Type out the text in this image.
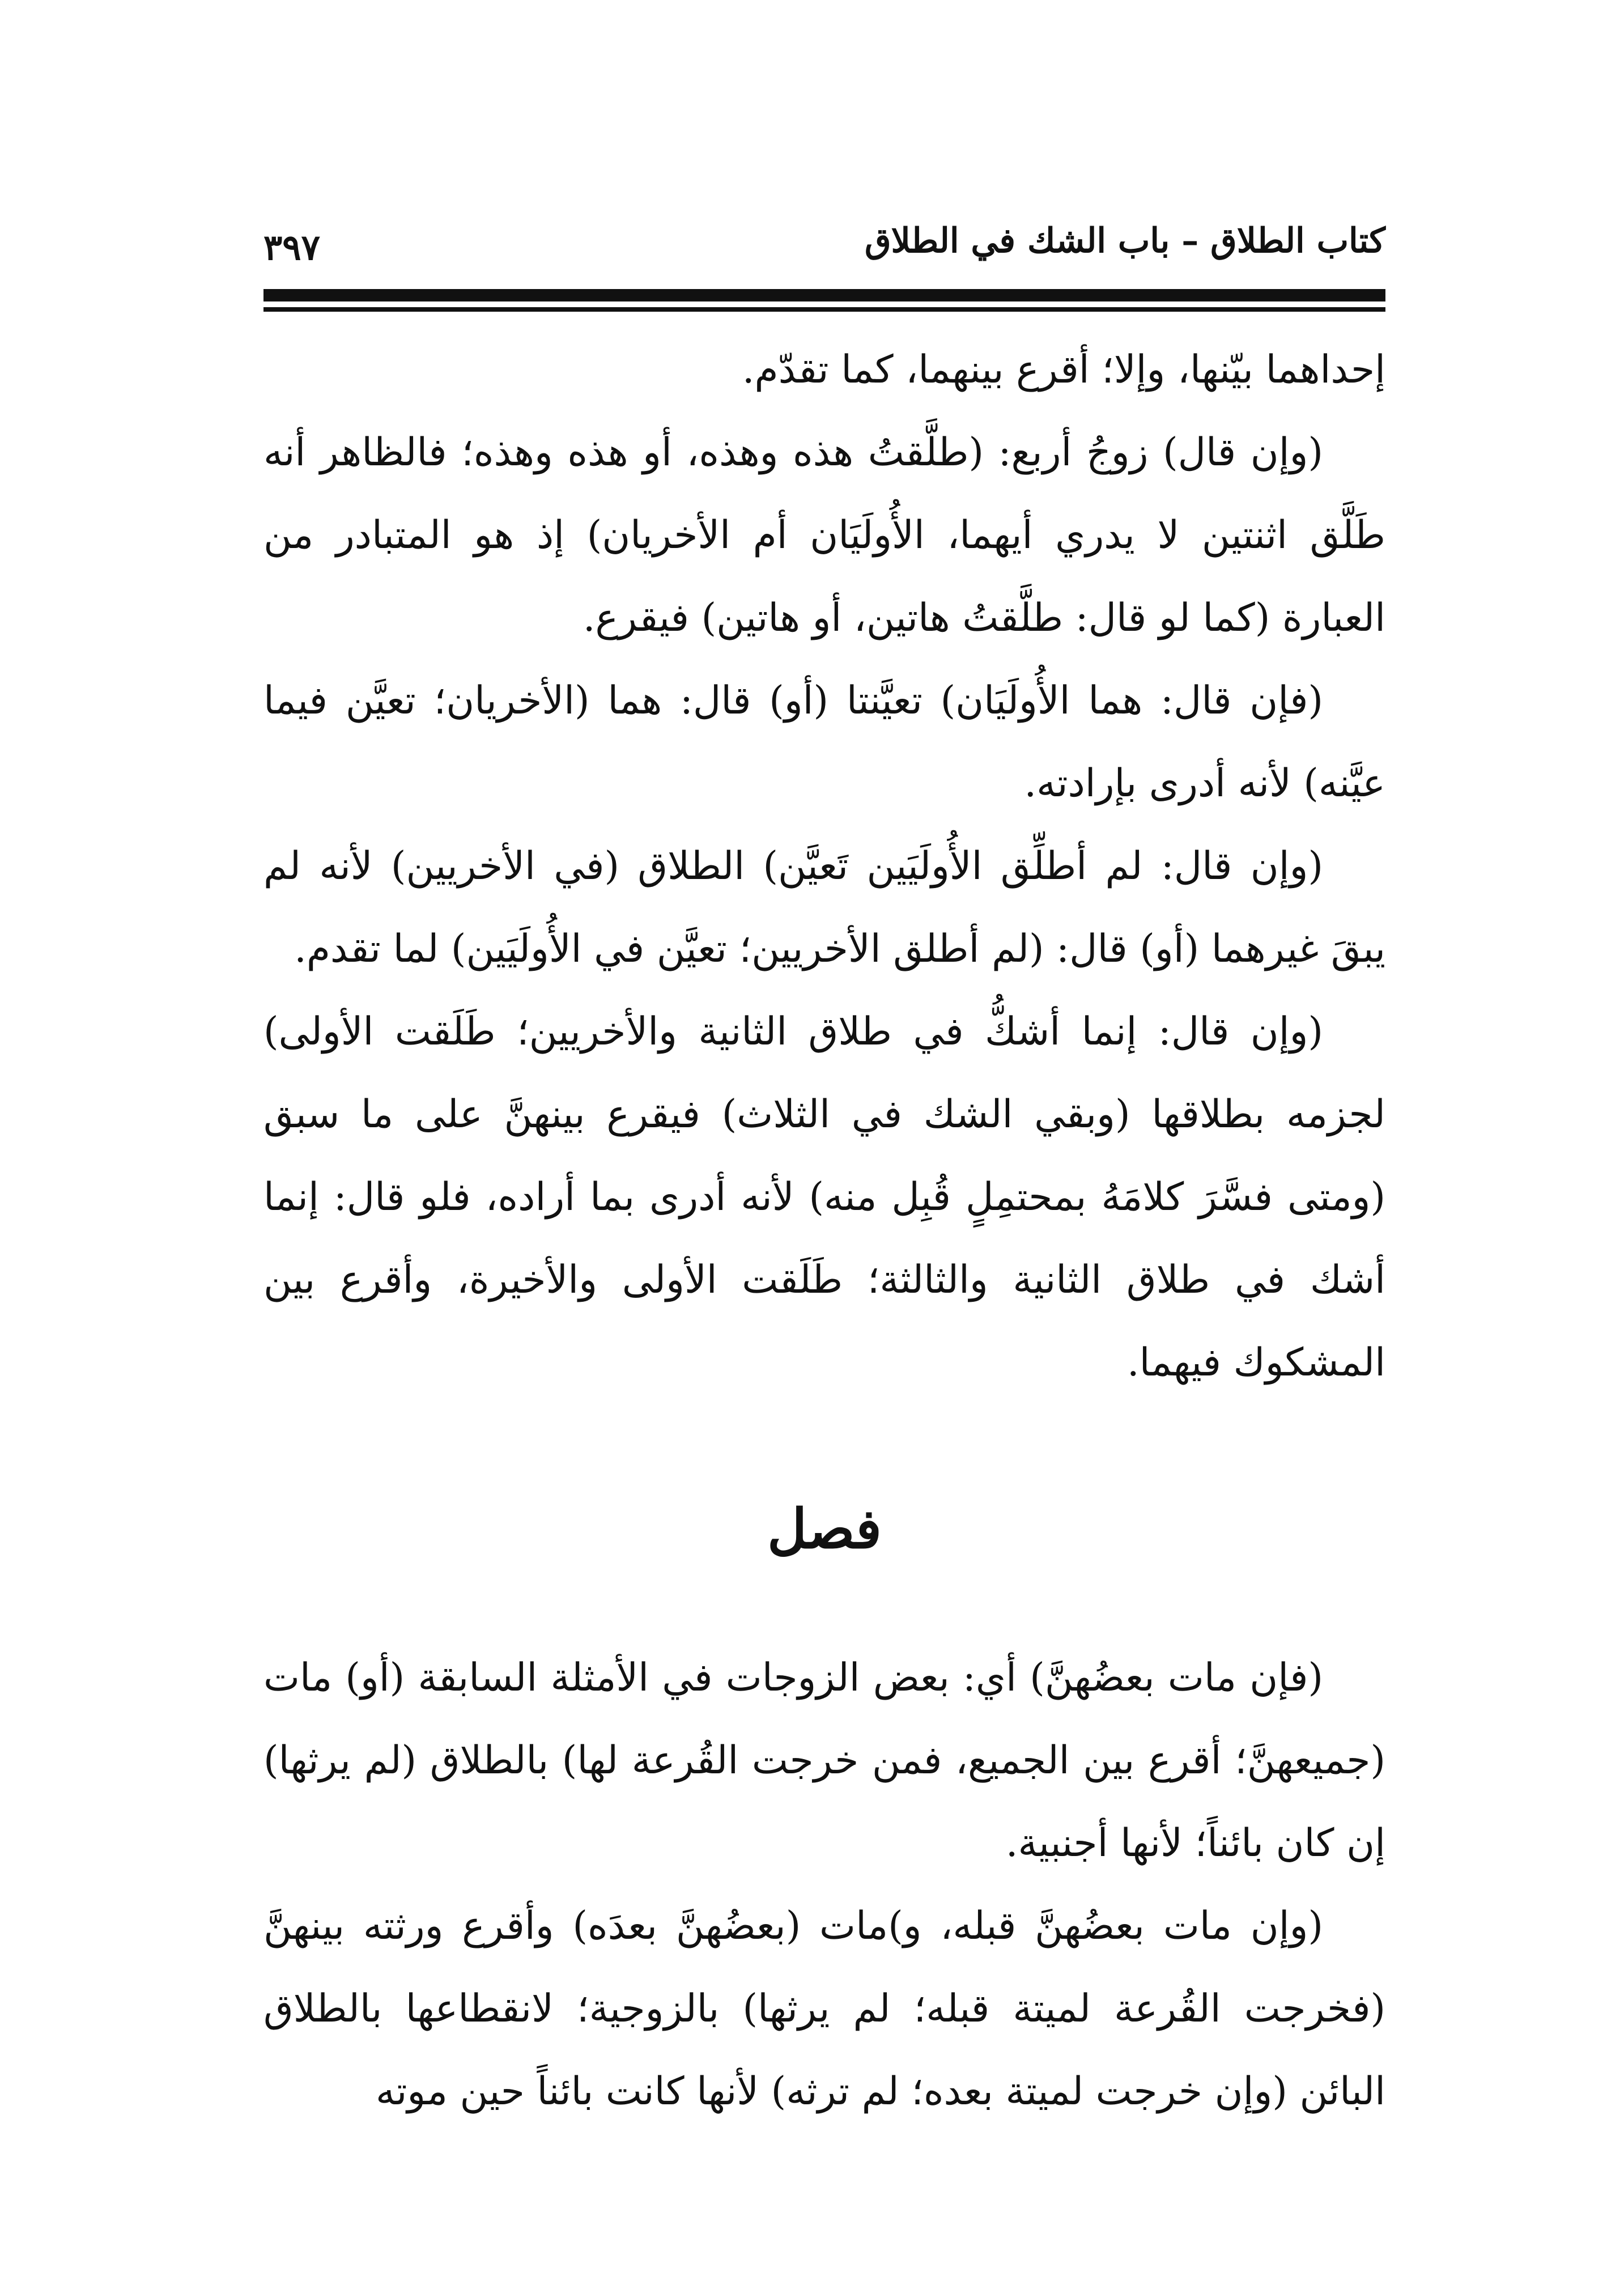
٣٩٧	كتاب الطلاق – باب الشك في الطلاق

إحداهما بيّنها، وإلا؛ أقرع بينهما، كما تقدّم.

(وإن قال) زوجُ أربع: (طلَّقتُ هذه وهذه، أو هذه وهذه؛ فالظاهر أنه طَلَّق اثنتين لا يدري أيهما، الأُولَيَان أم الأخريان) إذ هو المتبادر من العبارة (كما لو قال: طلَّقتُ هاتين، أو هاتين) فيقرع.

(فإن قال: هما الأُولَيَان) تعيَّنتا (أو) قال: هما (الأخريان؛ تعيَّن فيما عيَّنه) لأنه أدرى بإرادته.

(وإن قال: لم أطلِّق الأُولَيَين تَعيَّن) الطلاق (في الأخريين) لأنه لم يبقَ غيرهما (أو) قال: (لم أطلق الأخريين؛ تعيَّن في الأُولَيَين) لما تقدم.

(وإن قال: إنما أشكُّ في طلاق الثانية والأخريين؛ طَلَقت الأولى) لجزمه بطلاقها (وبقي الشك في الثلاث) فيقرع بينهنَّ على ما سبق (ومتى فسَّرَ كلامَهُ بمحتمِلٍ قُبِل منه) لأنه أدرى بما أراده، فلو قال: إنما أشك في طلاق الثانية والثالثة؛ طَلَقت الأولى والأخيرة، وأقرع بين المشكوك فيهما.

فصل

(فإن مات بعضُهنَّ) أي: بعض الزوجات في الأمثلة السابقة (أو) مات (جميعهنَّ؛ أقرع بين الجميع، فمن خرجت القُرعة لها) بالطلاق (لم يرثها) إن كان بائناً؛ لأنها أجنبية.

(وإن مات بعضُهنَّ قبله، و)مات (بعضُهنَّ بعدَه) وأقرع ورثته بينهنَّ (فخرجت القُرعة لميتة قبله؛ لم يرثها) بالزوجية؛ لانقطاعها بالطلاق البائن (وإن خرجت لميتة بعده؛ لم ترثه) لأنها كانت بائناً حين موته
